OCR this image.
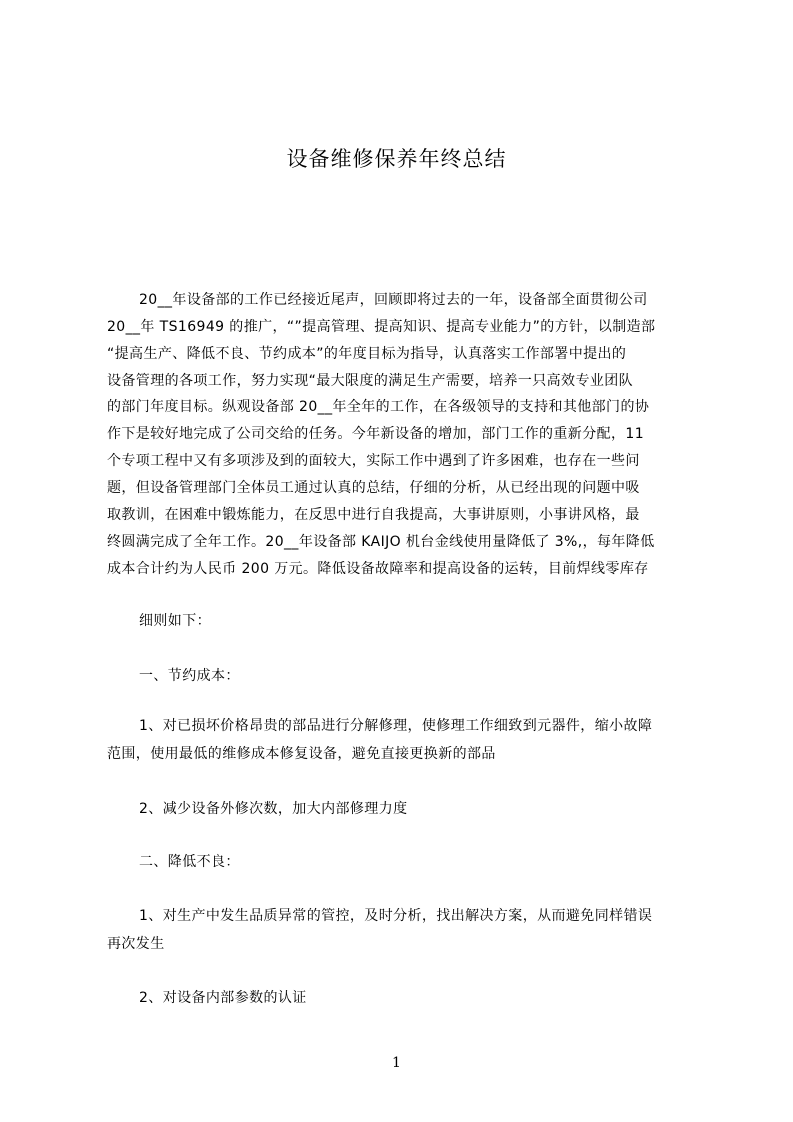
设备维修保养年终总结
20__年设备部的工作已经接近尾声，回顾即将过去的一年，设备部全面贯彻公司
20__年 TS16949 的推广，“”提高管理、提高知识、提高专业能力”的方针，以制造部
“提高生产、降低不良、节约成本”的年度目标为指导，认真落实工作部署中提出的
设备管理的各项工作，努力实现“最大限度的满足生产需要，培养一只高效专业团队
的部门年度目标。纵观设备部 20__年全年的工作，在各级领导的支持和其他部门的协
作下是较好地完成了公司交给的任务。今年新设备的增加，部门工作的重新分配，11
个专项工程中又有多项涉及到的面较大，实际工作中遇到了许多困难，也存在一些问
题，但设备管理部门全体员工通过认真的总结，仔细的分析，从已经出现的问题中吸
取教训，在困难中锻炼能力，在反思中进行自我提高，大事讲原则，小事讲风格，最
终圆满完成了全年工作。20__年设备部 KAIJO 机台金线使用量降低了 3%,，每年降低
成本合计约为人民币 200 万元。降低设备故障率和提高设备的运转，目前焊线零库存
细则如下：
一、节约成本：
1、对已损坏价格昂贵的部品进行分解修理，使修理工作细致到元器件，缩小故障
范围，使用最低的维修成本修复设备，避免直接更换新的部品
2、减少设备外修次数，加大内部修理力度
二、降低不良：
1、对生产中发生品质异常的管控，及时分析，找出解决方案，从而避免同样错误
再次发生
2、对设备内部参数的认证
1
